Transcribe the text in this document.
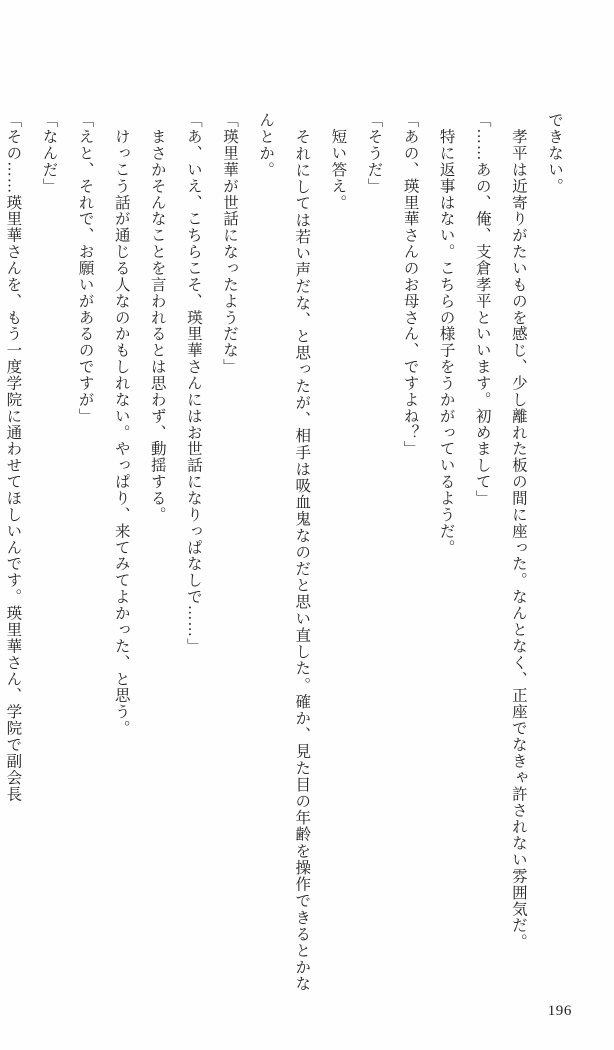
できない。

　孝平は近寄りがたいものを感じ、少し離れた板の間に座った。なんとなく、正座でなきゃ許されない雰囲気だ。

「……あの、俺、支倉孝平といいます。初めまして」

　特に返事はない。こちらの様子をうかがっているようだ。

「あの、瑛里華さんのお母さん、ですよね？」

「そうだ」

　短い答え。

　それにしては若い声だな、と思ったが、相手は吸血鬼なのだと思い直した。確か、見た目の年齢を操作できるとかなんとか。

「瑛里華が世話になったようだな」

「あ、いえ、こちらこそ、瑛里華さんにはお世話になりっぱなしで……」

　まさかそんなことを言われるとは思わず、動揺する。

　けっこう話が通じる人なのかもしれない。やっぱり、来てみてよかった、と思う。

「えと、それで、お願いがあるのですが」

「なんだ」

「その……瑛里華さんを、もう一度学院に通わせてほしいんです。瑛里華さん、学院で副会長

196
